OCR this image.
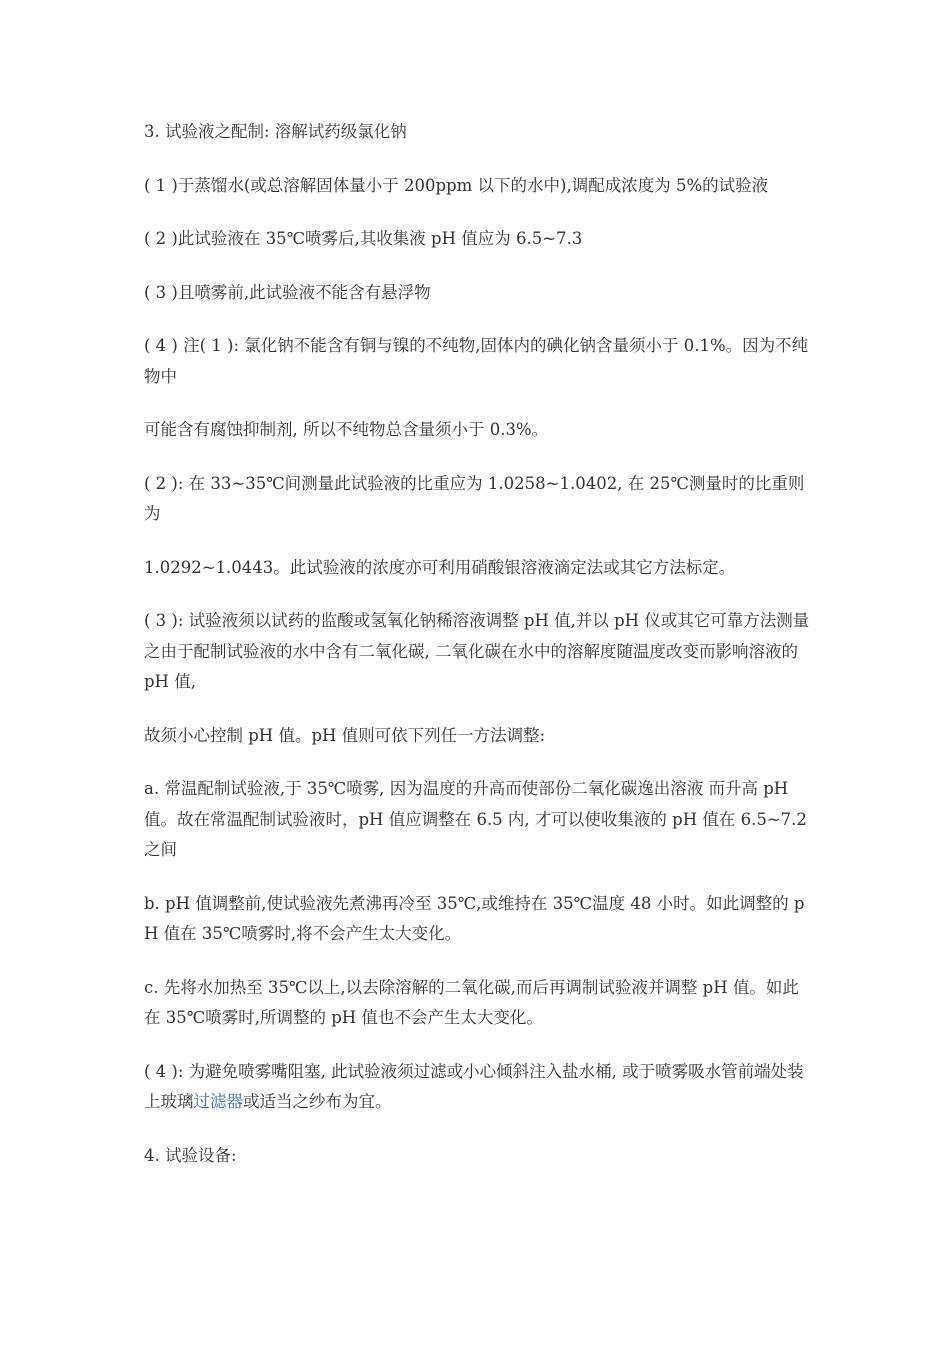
3. 试验液之配制: 溶解试药级氯化钠

( 1 )于蒸馏水(或总溶解固体量小于 200ppm 以下的水中),调配成浓度为 5%的试验液

( 2 )此试验液在 35℃喷雾后,其收集液 pH 值应为 6.5~7.3

( 3 )且喷雾前,此试验液不能含有悬浮物

( 4 ) 注( 1 ): 氯化钠不能含有铜与镍的不纯物,固体内的碘化钠含量须小于 0.1%。因为不纯物中

可能含有腐蚀抑制剂, 所以不纯物总含量须小于 0.3%。

( 2 ): 在 33~35℃间测量此试验液的比重应为 1.0258~1.0402, 在 25℃测量时的比重则为

1.0292~1.0443。此试验液的浓度亦可利用硝酸银溶液滴定法或其它方法标定。

( 3 ): 试验液须以试药的监酸或氢氧化钠稀溶液调整 pH 值,并以 pH 仪或其它可靠方法测量之由于配制试验液的水中含有二氧化碳, 二氧化碳在水中的溶解度随温度改变而影响溶液的 pH 值,

故须小心控制 pH 值。pH 值则可依下列任一方法调整:

a. 常温配制试验液,于 35℃喷雾, 因为温度的升高而使部份二氧化碳逸出溶液 而升高 pH 值。故在常温配制试验液时，pH 值应调整在 6.5 内, 才可以使收集液的 pH 值在 6.5~7.2 之间

b. pH 值调整前,使试验液先煮沸再冷至 35℃,或维持在 35℃温度 48 小时。如此调整的 pH 值在 35℃喷雾时,将不会产生太大变化。

c. 先将水加热至 35℃以上,以去除溶解的二氧化碳,而后再调制试验液并调整 pH 值。如此在 35℃喷雾时,所调整的 pH 值也不会产生太大变化。

( 4 ): 为避免喷雾嘴阻塞, 此试验液须过滤或小心倾斜注入盐水桶, 或于喷雾吸水管前端处装上玻璃过滤器或适当之纱布为宜。

4. 试验设备:
